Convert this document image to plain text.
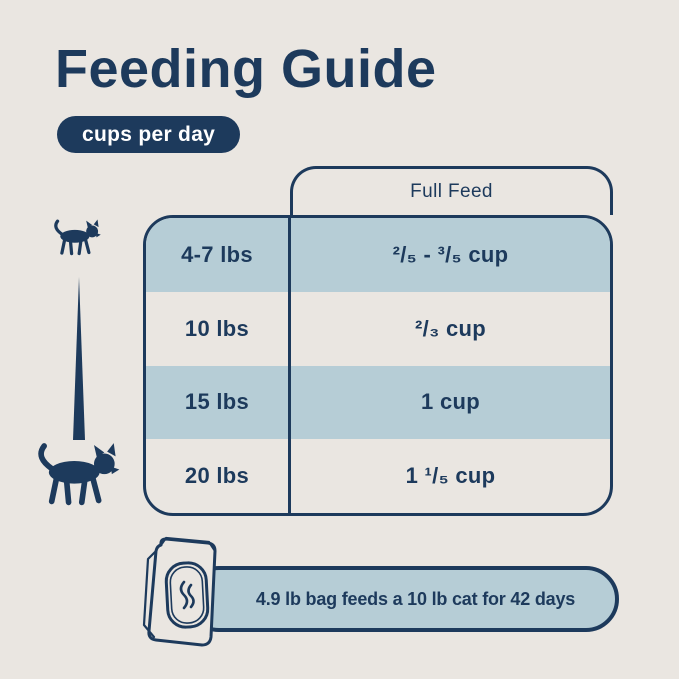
Feeding Guide
cups per day
Full Feed
4-7 lbs	²/₅ - ³/₅ cup
10 lbs	²/₃ cup
15 lbs	1 cup
20 lbs	1 ¹/₅ cup
4.9 lb bag feeds a 10 lb cat for 42 days
